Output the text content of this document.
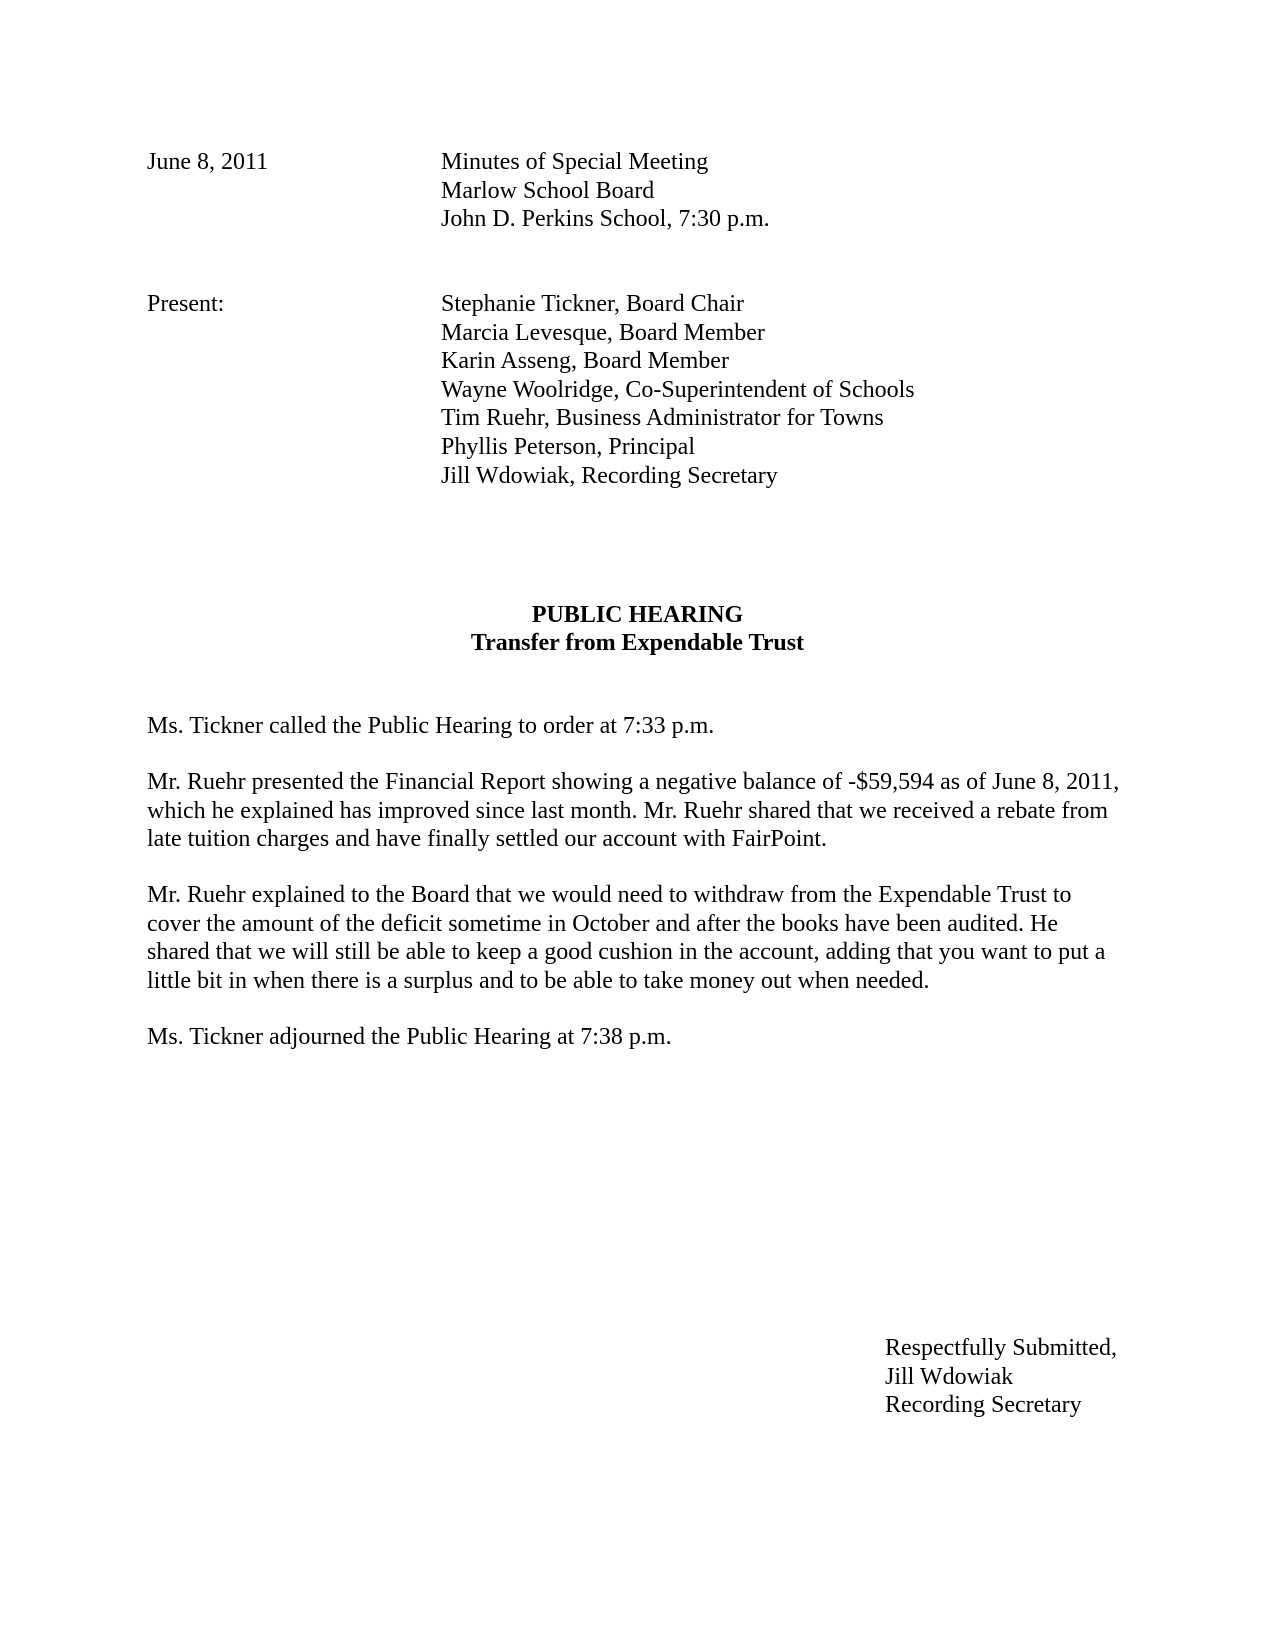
June 8, 2011	Minutes of Special Meeting
Marlow School Board
John D. Perkins School, 7:30 p.m.
Present:	Stephanie Tickner, Board Chair
Marcia Levesque, Board Member
Karin Asseng, Board Member
Wayne Woolridge, Co-Superintendent of Schools
Tim Ruehr, Business Administrator for Towns
Phyllis Peterson, Principal
Jill Wdowiak, Recording Secretary
PUBLIC HEARING
Transfer from Expendable Trust
Ms. Tickner called the Public Hearing to order at 7:33 p.m.
Mr. Ruehr presented the Financial Report showing a negative balance of -$59,594 as of June 8, 2011,
which he explained has improved since last month. Mr. Ruehr shared that we received a rebate from
late tuition charges and have finally settled our account with FairPoint.
Mr. Ruehr explained to the Board that we would need to withdraw from the Expendable Trust to
cover the amount of the deficit sometime in October and after the books have been audited. He
shared that we will still be able to keep a good cushion in the account, adding that you want to put a
little bit in when there is a surplus and to be able to take money out when needed.
Ms. Tickner adjourned the Public Hearing at 7:38 p.m.
Respectfully Submitted,
Jill Wdowiak
Recording Secretary
